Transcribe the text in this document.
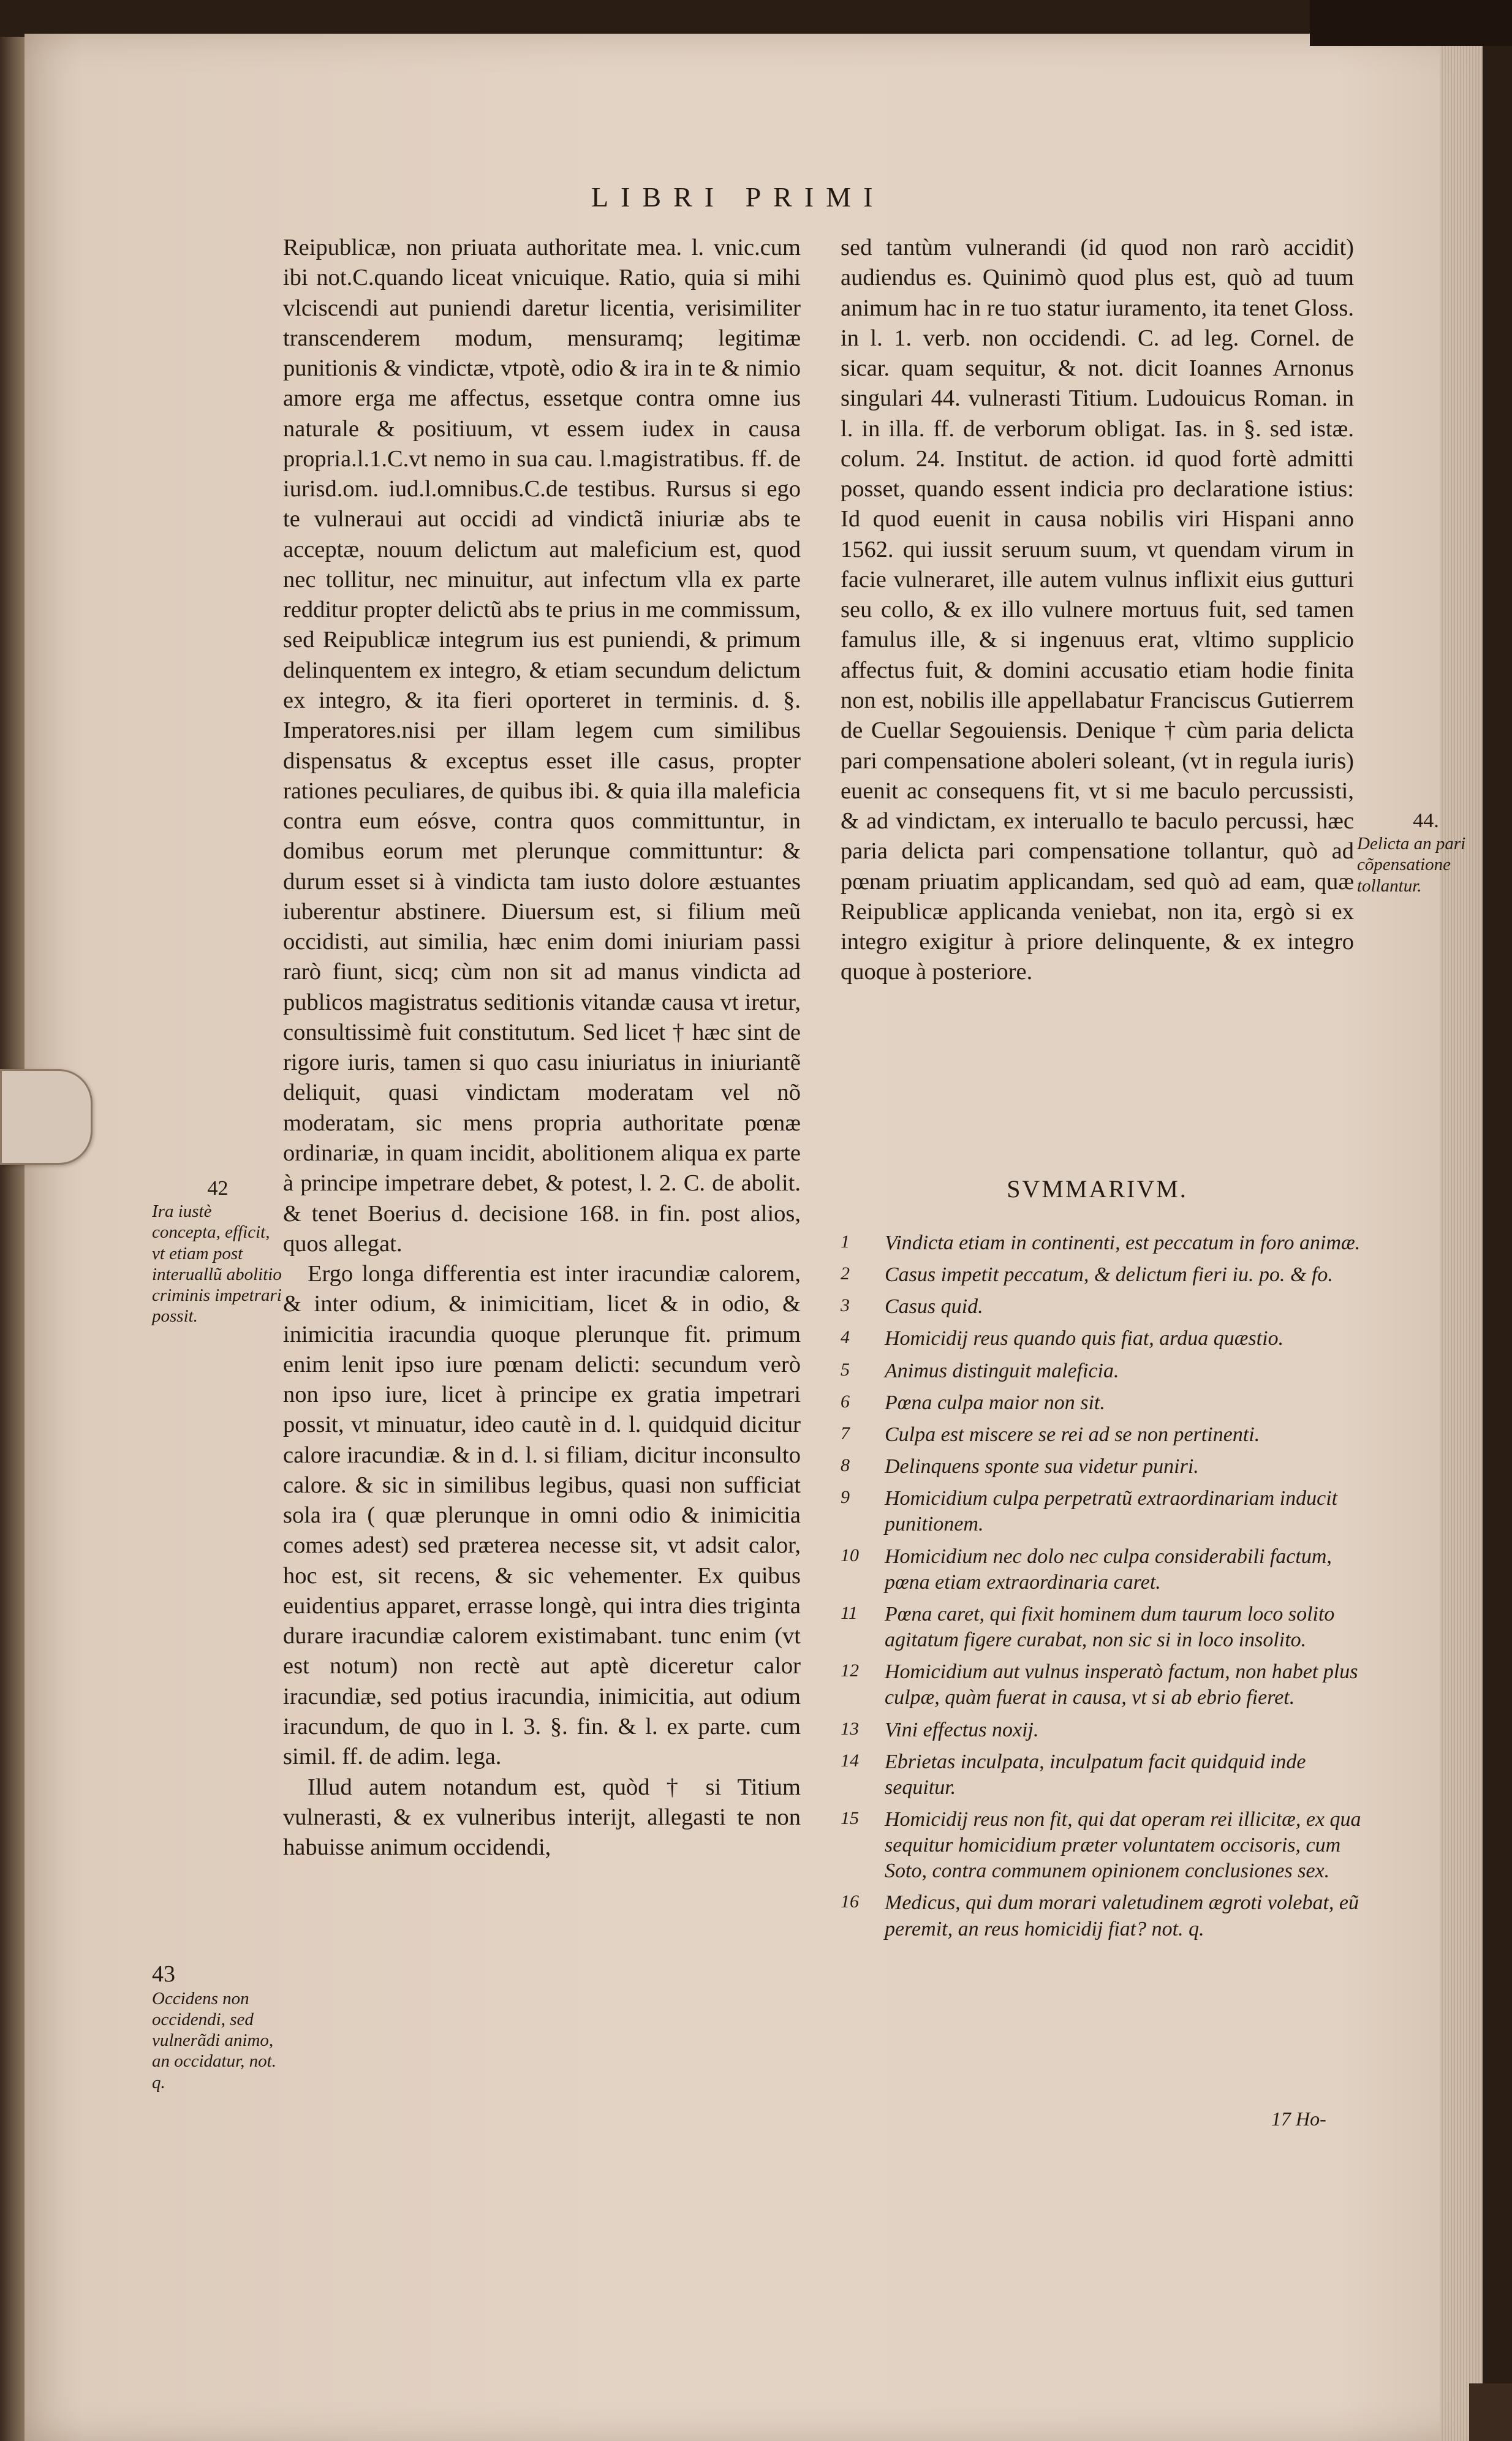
LIBRI PRIMI

Reipublicæ, non priuata authoritate mea. l. vnic.cum ibi not.C.quando liceat vnicuique. Ratio, quia si mihi vlciscendi aut puniendi daretur licentia, verisimiliter transcenderem modum, mensuramq; legitimæ punitionis & vindictæ, vtpotè, odio & ira in te & nimio amore erga me affectus, essetque contra omne ius naturale & positiuum, vt essem iudex in causa propria.l.1.C.vt nemo in sua cau. l.magistratibus. ff. de iurisd.om. iud.l.omnibus.C.de testibus. Rursus si ego te vulneraui aut occidi ad vindictã iniuriæ abs te acceptæ, nouum delictum aut maleficium est, quod nec tollitur, nec minuitur, aut infectum vlla ex parte redditur propter delictũ abs te prius in me commissum, sed Reipublicæ integrum ius est puniendi, & primum delinquentem ex integro, & etiam secundum delictum ex integro, & ita fieri oporteret in terminis. d. §. Imperatores.nisi per illam legem cum similibus dispensatus & exceptus esset ille casus, propter rationes peculiares, de quibus ibi. & quia illa maleficia contra eum eósve, contra quos committuntur, in domibus eorum met plerunque committuntur: & durum esset si à vindicta tam iusto dolore æstuantes iuberentur abstinere. Diuersum est, si filium meũ occidisti, aut similia, hæc enim domi iniuriam passi rarò fiunt, sicq; cùm non sit ad manus vindicta ad publicos magistratus seditionis vitandæ causa vt iretur, consultissimè fuit constitutum. Sed licet † hæc sint de rigore iuris, tamen si quo casu iniuriatus in iniuriantẽ deliquit, quasi vindictam moderatam vel nõ moderatam, sic mens propria authoritate pœnæ ordinariæ, in quam incidit, abolitionem aliqua ex parte à principe impetrare debet, & potest, l. 2. C. de abolit. & tenet Boerius d. decisione 168. in fin. post alios, quos allegat.

Ergo longa differentia est inter iracundiæ calorem, & inter odium, & inimicitiam, licet & in odio, & inimicitia iracundia quoque plerunque fit. primum enim lenit ipso iure pœnam delicti: secundum verò non ipso iure, licet à principe ex gratia impetrari possit, vt minuatur, ideo cautè in d. l. quidquid dicitur calore iracundiæ. & in d. l. si filiam, dicitur inconsulto calore. & sic in similibus legibus, quasi non sufficiat sola ira ( quæ plerunque in omni odio & inimicitia comes adest) sed præterea necesse sit, vt adsit calor, hoc est, sit recens, & sic vehementer. Ex quibus euidentius apparet, errasse longè, qui intra dies triginta durare iracundiæ calorem existimabant. tunc enim (vt est notum) non rectè aut aptè diceretur calor iracundiæ, sed potius iracundia, inimicitia, aut odium iracundum, de quo in l. 3. §. fin. & l. ex parte. cum simil. ff. de adim. lega.

Illud autem notandum est, quòd † si Titium vulnerasti, & ex vulneribus interijt, allegasti te non habuisse animum occidendi,

sed tantùm vulnerandi (id quod non rarò accidit) audiendus es. Quinimò quod plus est, quò ad tuum animum hac in re tuo statur iuramento, ita tenet Gloss. in l. 1. verb. non occidendi. C. ad leg. Cornel. de sicar. quam sequitur, & not. dicit Ioannes Arnonus singulari 44. vulnerasti Titium. Ludouicus Roman. in l. in illa. ff. de verborum obligat. Ias. in §. sed istæ. colum. 24. Institut. de action. id quod fortè admitti posset, quando essent indicia pro declaratione istius: Id quod euenit in causa nobilis viri Hispani anno 1562. qui iussit seruum suum, vt quendam virum in facie vulneraret, ille autem vulnus inflixit eius gutturi seu collo, & ex illo vulnere mortuus fuit, sed tamen famulus ille, & si ingenuus erat, vltimo supplicio affectus fuit, & domini accusatio etiam hodie finita non est, nobilis ille appellabatur Franciscus Gutierrem de Cuellar Segouiensis. Denique † cùm paria delicta pari compensatione aboleri soleant, (vt in regula iuris) euenit ac consequens fit, vt si me baculo percussisti, & ad vindictam, ex interuallo te baculo percussi, hæc paria delicta pari compensatione tollantur, quò ad pœnam priuatim applicandam, sed quò ad eam, quæ Reipublicæ applicanda veniebat, non ita, ergò si ex integro exigitur à priore delinquente, & ex integro quoque à posteriore.

42
Ira iustè concepta, efficit, vt etiam post interuallũ abolitio criminis impetrari possit.
43
Occidens non occidendi, sed vulnerãdi animo, an occidatur, not. q.
44.
Delicta an pari cõpensatione tollantur.
SVMMARIVM.
1 Vindicta etiam in continenti, est peccatum in foro animæ.
2 Casus impetit peccatum, & delictum fieri iu. po. & fo.
3 Casus quid.
4 Homicidij reus quando quis fiat, ardua quæstio.
5 Animus distinguit maleficia.
6 Pœna culpa maior non sit.
7 Culpa est miscere se rei ad se non pertinenti.
8 Delinquens sponte sua videtur puniri.
9 Homicidium culpa perpetratũ extraordinariam inducit punitionem.
10 Homicidium nec dolo nec culpa considerabili factum, pœna etiam extraordinaria caret.
11 Pœna caret, qui fixit hominem dum taurum loco solito agitatum figere curabat, non sic si in loco insolito.
12 Homicidium aut vulnus insperatò factum, non habet plus culpæ, quàm fuerat in causa, vt si ab ebrio fieret.
13 Vini effectus noxij.
14 Ebrietas inculpata, inculpatum facit quidquid inde sequitur.
15 Homicidij reus non fit, qui dat operam rei illicitæ, ex qua sequitur homicidium præter voluntatem occisoris, cum Soto, contra communem opinionem conclusiones sex.
16 Medicus, qui dum morari valetudinem ægroti volebat, eũ peremit, an reus homicidij fiat? not. q.
17 Ho-
